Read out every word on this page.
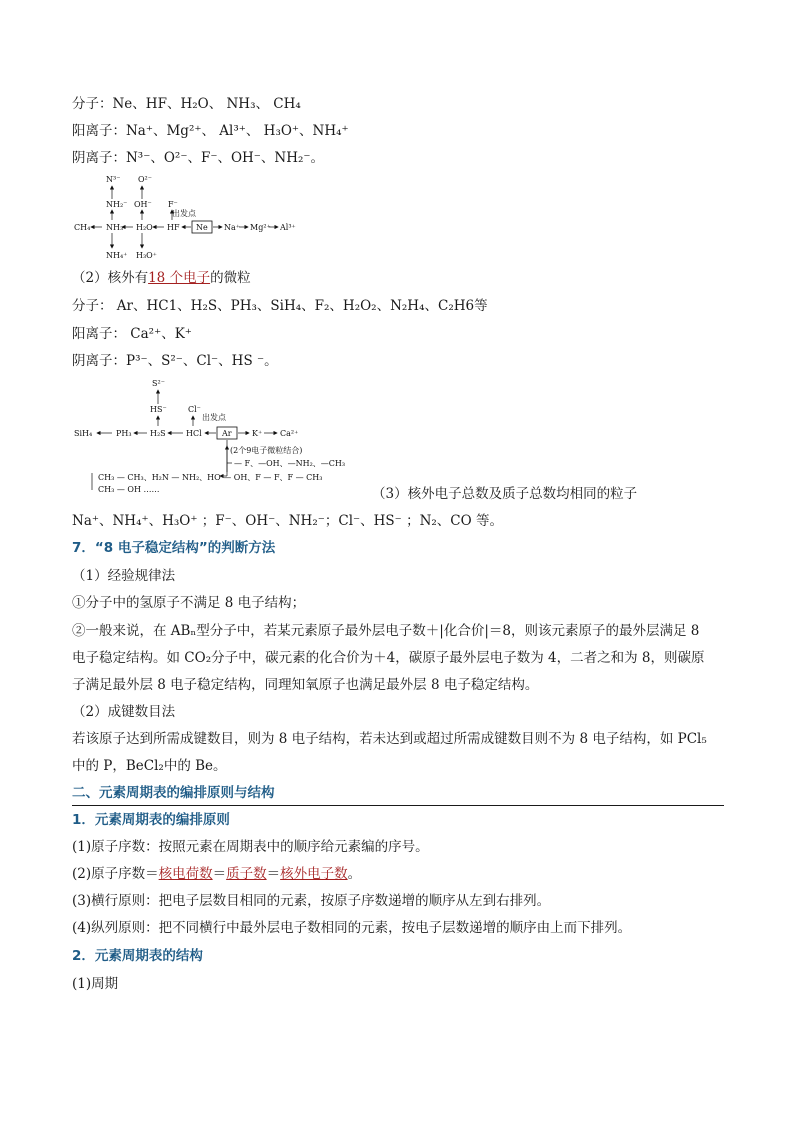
分子：Ne、HF、H₂O、 NH₃、 CH₄
阳离子：Na⁺、Mg²⁺、 Al³⁺、 H₃O⁺、NH₄⁺
阴离子：N³⁻、O²⁻、F⁻、OH⁻、NH₂⁻。
N³⁻ O²⁻
NH₂⁻ OH⁻ F⁻
出发点
CH₄ NH₃ H₂O HF Ne Na⁺ Mg²⁺ Al³⁺
NH₄⁺ H₃O⁺
（2）核外有18 个电子的微粒
分子： Ar、HC1、H₂S、PH₃、SiH₄、F₂、H₂O₂、N₂H₄、C₂H6等
阳离子： Ca²⁺、K⁺
阴离子：P³⁻、S²⁻、Cl⁻、HS ⁻。
S²⁻
HS⁻	Cl⁻
出发点
SiH₄	PH₃ H₂S	HCl	Ar	K⁺ Ca²⁺
(2个9电子微粒结合)
— F、—OH、—NH₂、—CH₃
CH₃ — CH₃、H₂N — NH₂、HO — OH、F — F、F — CH₃
CH₃ — OH ……	（3）核外电子总数及质子总数均相同的粒子
Na⁺、NH₄⁺、H₃O⁺ ；F⁻、OH⁻、NH₂⁻；Cl⁻、HS⁻ ；N₂、CO 等。
7．“8 电子稳定结构”的判断方法
（1）经验规律法
①分子中的氢原子不满足 8 电子结构；
②一般来说，在 ABₙ型分子中，若某元素原子最外层电子数＋|化合价|＝8，则该元素原子的最外层满足 8
电子稳定结构。如 CO₂分子中，碳元素的化合价为＋4，碳原子最外层电子数为 4，二者之和为 8，则碳原
子满足最外层 8 电子稳定结构，同理知氧原子也满足最外层 8 电子稳定结构。
（2）成键数目法
若该原子达到所需成键数目，则为 8 电子结构，若未达到或超过所需成键数目则不为 8 电子结构，如 PCl₅
中的 P，BeCl₂中的 Be。
二、元素周期表的编排原则与结构
1．元素周期表的编排原则
(1)原子序数：按照元素在周期表中的顺序给元素编的序号。
(2)原子序数＝核电荷数＝质子数＝核外电子数。
(3)横行原则：把电子层数目相同的元素，按原子序数递增的顺序从左到右排列。
(4)纵列原则：把不同横行中最外层电子数相同的元素，按电子层数递增的顺序由上而下排列。
2．元素周期表的结构
(1)周期
